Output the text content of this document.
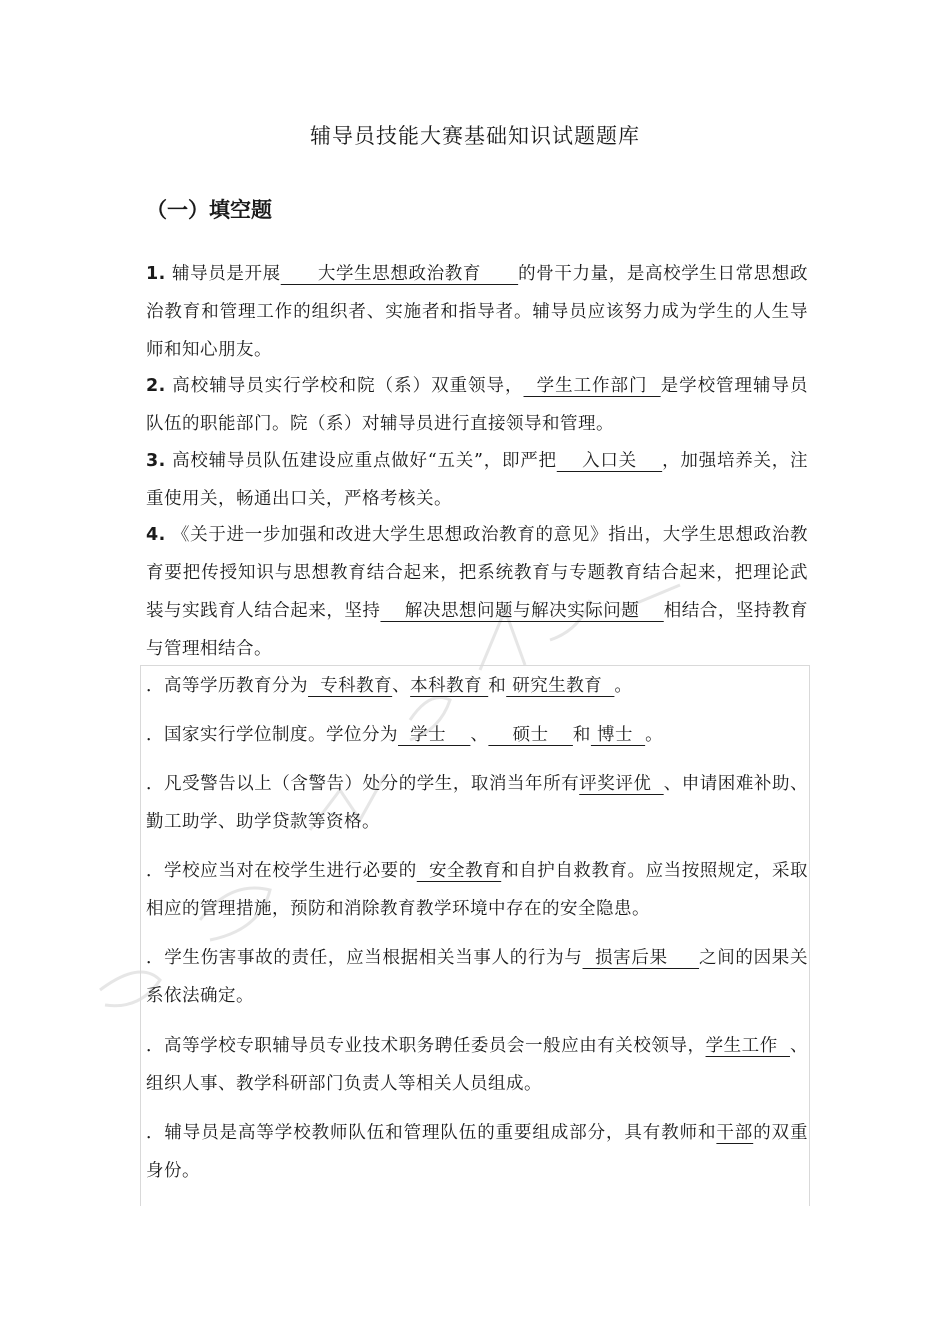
辅导员技能大赛基础知识试题题库
（一）填空题
1. 辅导员是开展      大学生思想政治教育      的骨干力量，是高校学生日常思想政治教育和管理工作的组织者、实施者和指导者。辅导员应该努力成为学生的人生导师和知心朋友。
2. 高校辅导员实行学校和院（系）双重领导，  学生工作部门  是学校管理辅导员队伍的职能部门。院（系）对辅导员进行直接领导和管理。
3. 高校辅导员队伍建设应重点做好“五关”，即严把    入口关    ，加强培养关，注重使用关，畅通出口关，严格考核关。
4. 《关于进一步加强和改进大学生思想政治教育的意见》指出，大学生思想政治教育要把传授知识与思想教育结合起来，把系统教育与专题教育结合起来，把理论武装与实践育人结合起来，坚持    解决思想问题与解决实际问题    相结合，坚持教育与管理相结合。
．高等学历教育分为  专科教育、本科教育 和 研究生教育  。
．国家实行学位制度。学位分为  学士    、    硕士    和 博士  。
．凡受警告以上（含警告）处分的学生，取消当年所有评奖评优  、申请困难补助、勤工助学、助学贷款等资格。
．学校应当对在校学生进行必要的  安全教育和自护自救教育。应当按照规定，采取相应的管理措施，预防和消除教育教学环境中存在的安全隐患。
．学生伤害事故的责任，应当根据相关当事人的行为与  损害后果     之间的因果关系依法确定。
．高等学校专职辅导员专业技术职务聘任委员会一般应由有关校领导，学生工作  、组织人事、教学科研部门负责人等相关人员组成。
．辅导员是高等学校教师队伍和管理队伍的重要组成部分，具有教师和干部的双重身份。
